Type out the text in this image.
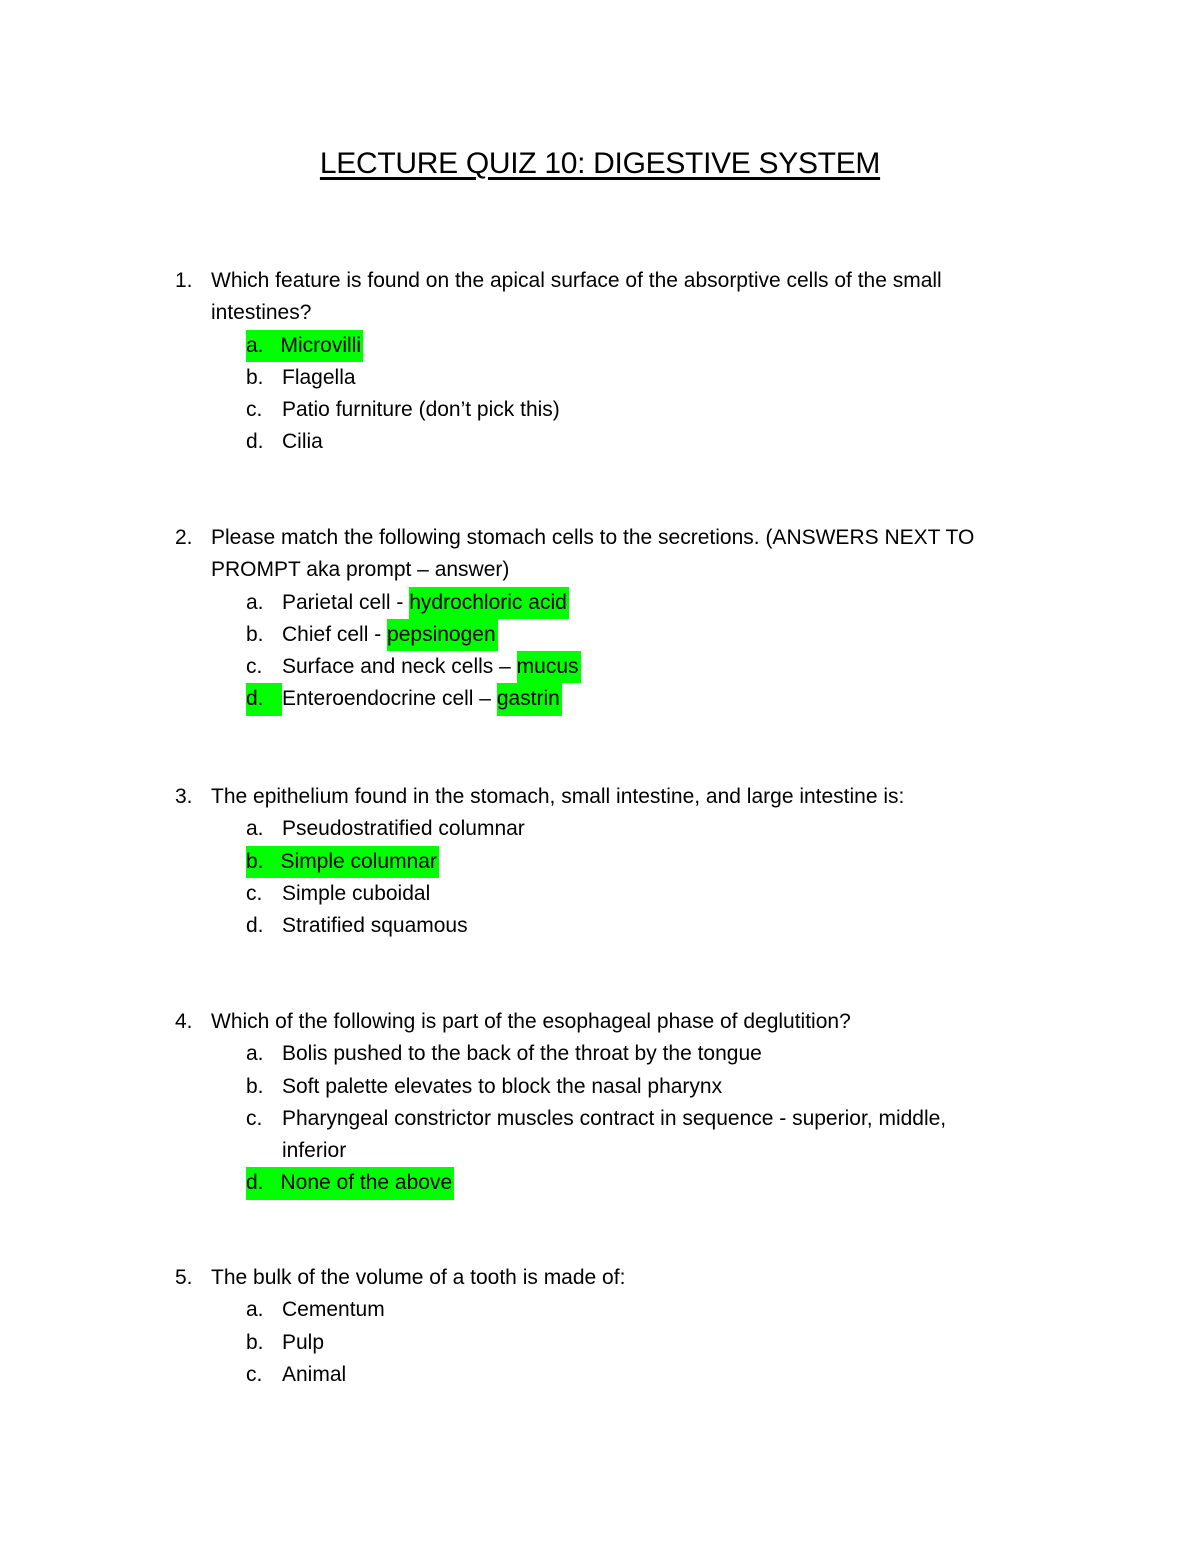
LECTURE QUIZ 10: DIGESTIVE SYSTEM
1. Which feature is found on the apical surface of the absorptive cells of the small intestines?
a. Microvilli
b. Flagella
c. Patio furniture (don’t pick this)
d. Cilia
2. Please match the following stomach cells to the secretions. (ANSWERS NEXT TO PROMPT aka prompt – answer)
a. Parietal cell - hydrochloric acid
b. Chief cell - pepsinogen
c. Surface and neck cells – mucus
d. Enteroendocrine cell – gastrin
3. The epithelium found in the stomach, small intestine, and large intestine is:
a. Pseudostratified columnar
b. Simple columnar
c. Simple cuboidal
d. Stratified squamous
4. Which of the following is part of the esophageal phase of deglutition?
a. Bolis pushed to the back of the throat by the tongue
b. Soft palette elevates to block the nasal pharynx
c. Pharyngeal constrictor muscles contract in sequence - superior, middle, inferior
d. None of the above
5. The bulk of the volume of a tooth is made of:
a. Cementum
b. Pulp
c. Animal
